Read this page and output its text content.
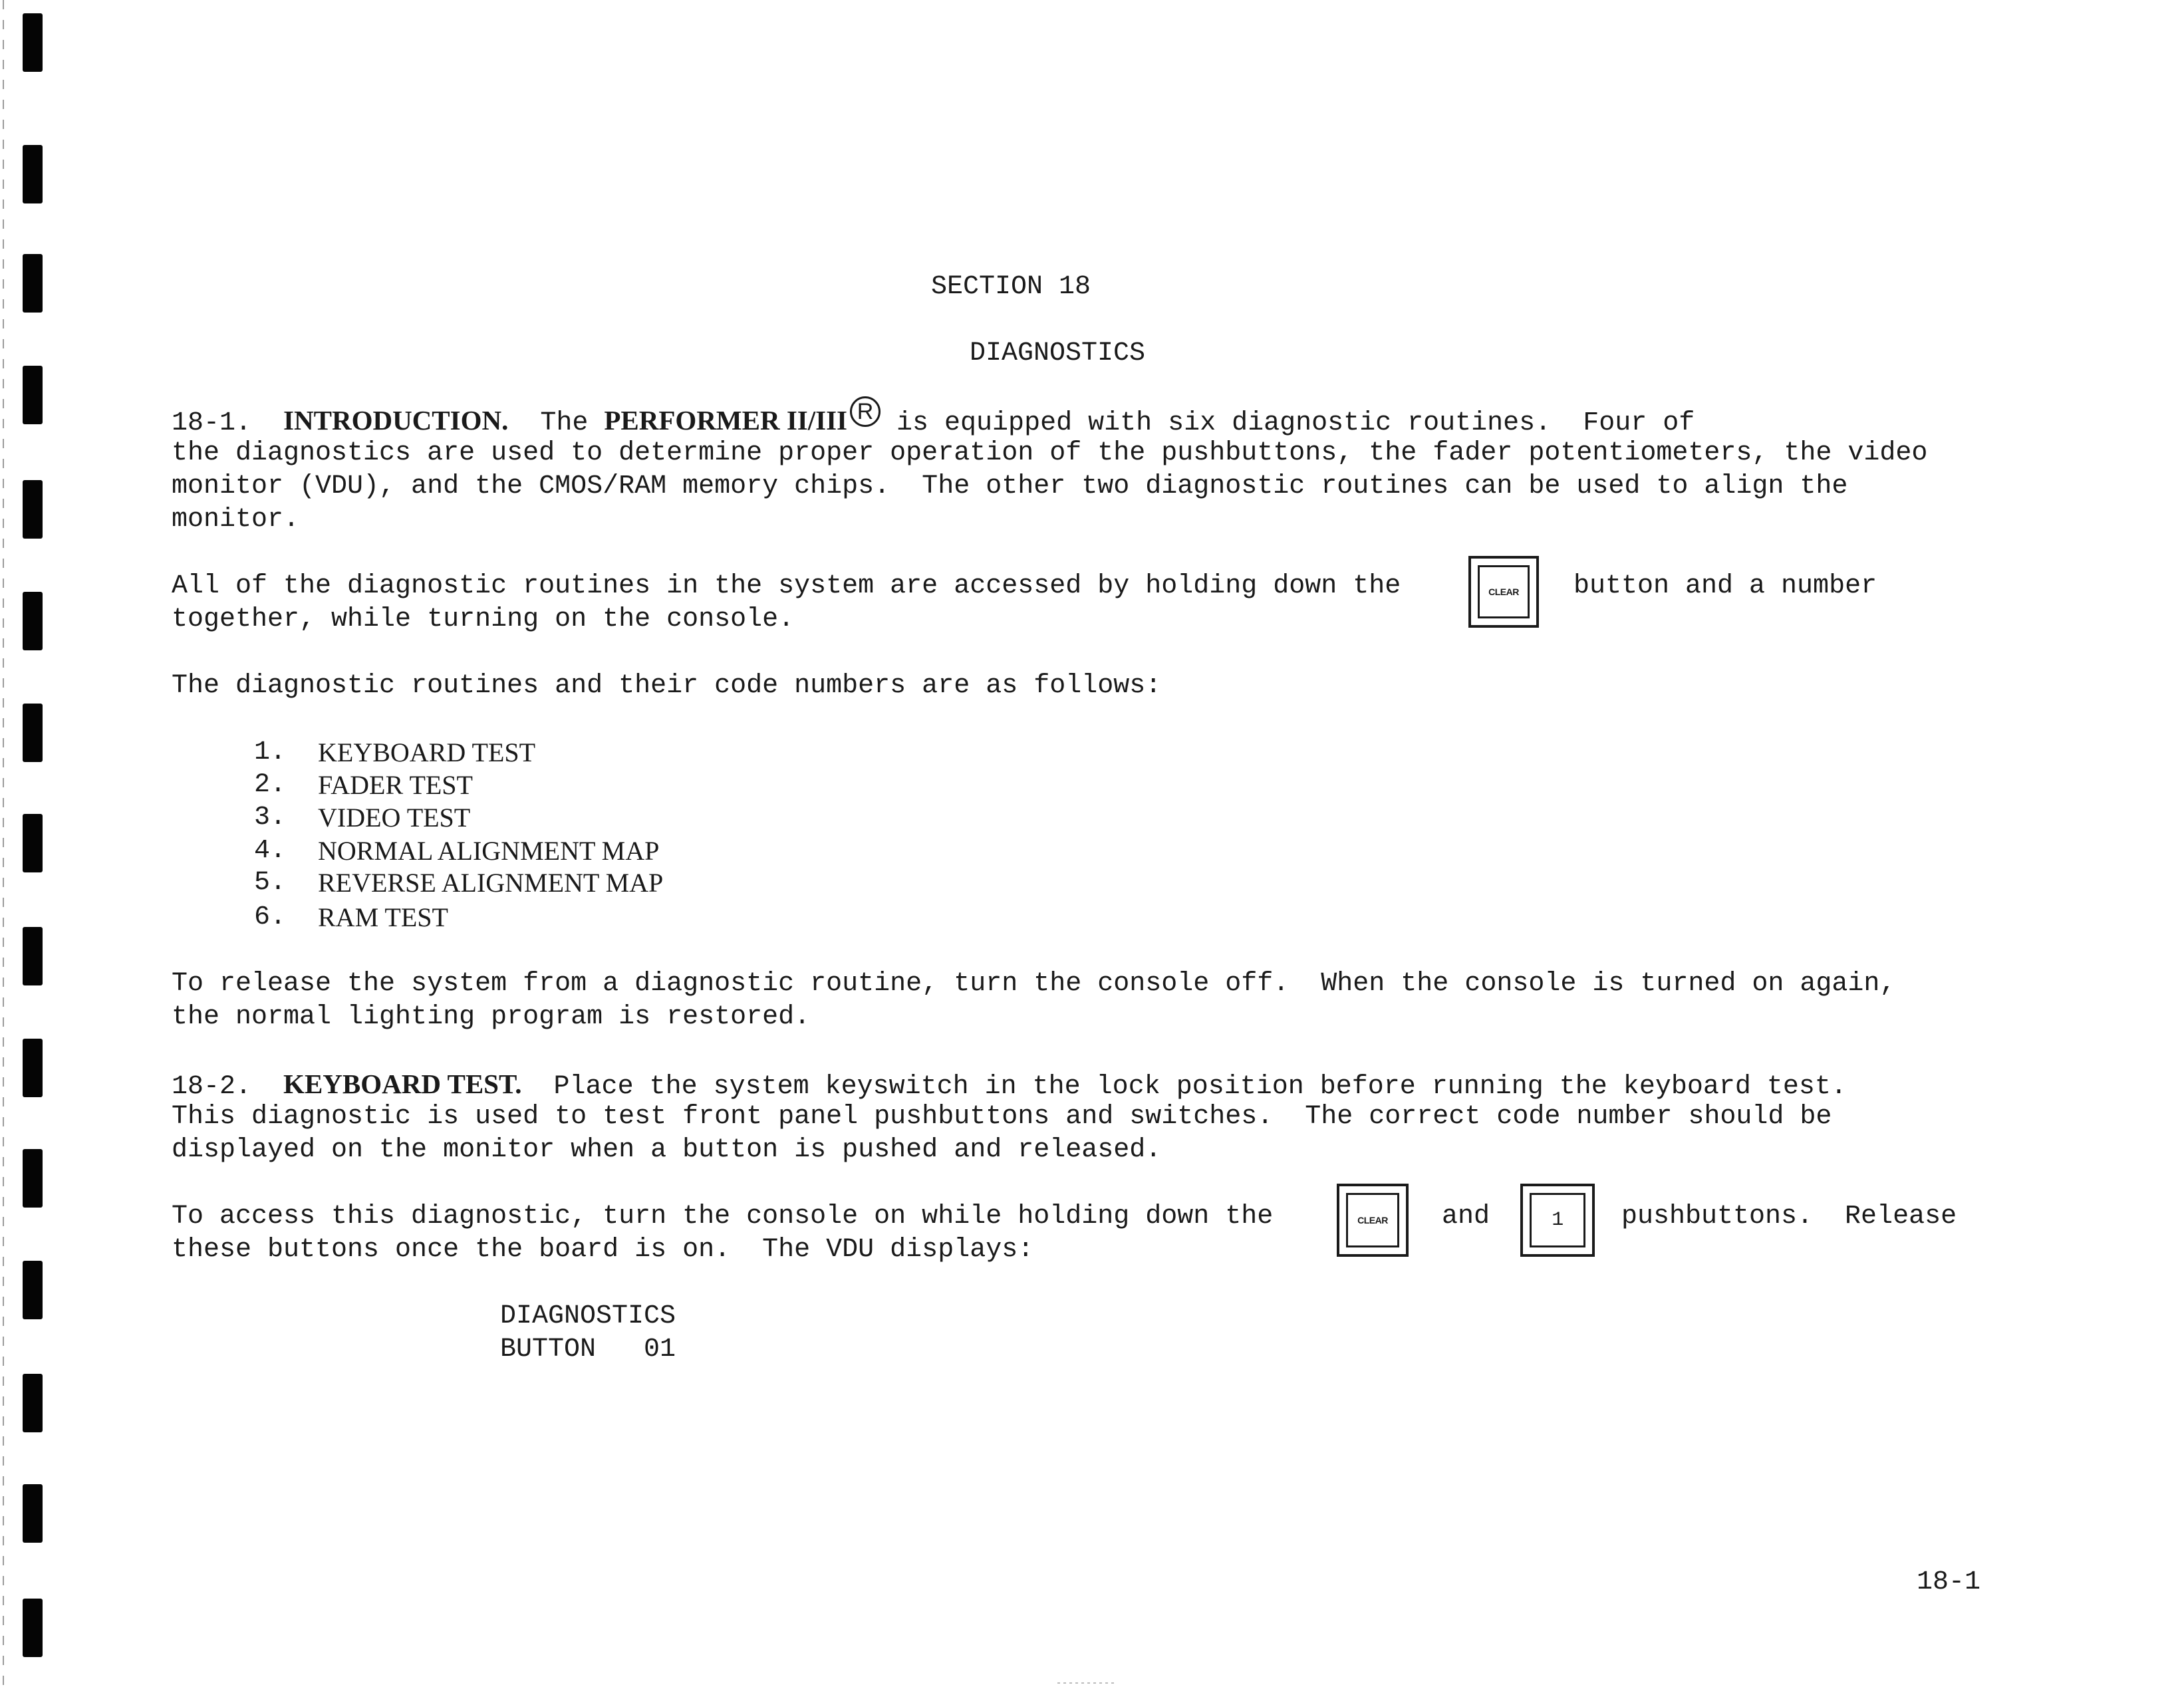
SECTION 18
DIAGNOSTICS
18-1. INTRODUCTION. The PERFORMER II/III R is equipped with six diagnostic routines.  Four of
the diagnostics are used to determine proper operation of the pushbuttons, the fader potentiometers, the video
monitor (VDU), and the CMOS/RAM memory chips.  The other two diagnostic routines can be used to align the
monitor.
All of the diagnostic routines in the system are accessed by holding down the	CLEAR button and a number
together, while turning on the console.
The diagnostic routines and their code numbers are as follows:
1. KEYBOARD TEST
2. FADER TEST
3. VIDEO TEST
4. NORMAL ALIGNMENT MAP
5. REVERSE ALIGNMENT MAP
6. RAM TEST
To release the system from a diagnostic routine, turn the console off.  When the console is turned on again,
the normal lighting program is restored.
18-2. KEYBOARD TEST. Place the system keyswitch in the lock position before running the keyboard test.
This diagnostic is used to test front panel pushbuttons and switches.  The correct code number should be
displayed on the monitor when a button is pushed and released.
To access this diagnostic, turn the console on while holding down the	CLEAR and	1 pushbuttons.  Release
these buttons once the board is on.  The VDU displays:
DIAGNOSTICS
BUTTON   01
18-1
